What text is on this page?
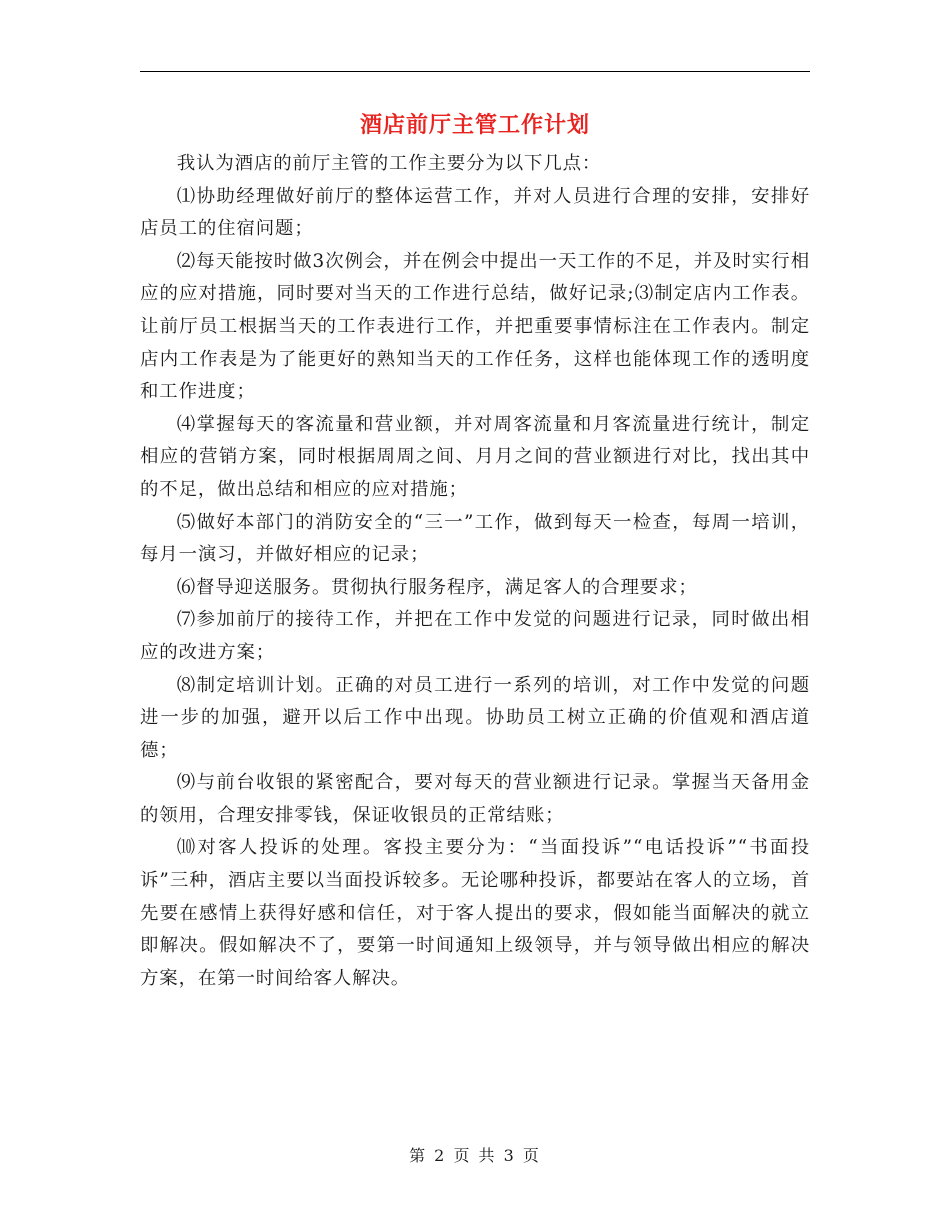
酒店前厅主管工作计划

我认为酒店的前厅主管的工作主要分为以下几点：

⑴协助经理做好前厅的整体运营工作，并对人员进行合理的安排，安排好店员工的住宿问题；

⑵每天能按时做3次例会，并在例会中提出一天工作的不足，并及时实行相应的应对措施，同时要对当天的工作进行总结，做好记录;⑶制定店内工作表。让前厅员工根据当天的工作表进行工作，并把重要事情标注在工作表内。制定店内工作表是为了能更好的熟知当天的工作任务，这样也能体现工作的透明度和工作进度；

⑷掌握每天的客流量和营业额，并对周客流量和月客流量进行统计，制定相应的营销方案，同时根据周周之间、月月之间的营业额进行对比，找出其中的不足，做出总结和相应的应对措施；

⑸做好本部门的消防安全的“三一”工作，做到每天一检查，每周一培训，每月一演习，并做好相应的记录；

⑹督导迎送服务。贯彻执行服务程序，满足客人的合理要求；

⑺参加前厅的接待工作，并把在工作中发觉的问题进行记录，同时做出相应的改进方案；

⑻制定培训计划。正确的对员工进行一系列的培训，对工作中发觉的问题进一步的加强，避开以后工作中出现。协助员工树立正确的价值观和酒店道德；

⑼与前台收银的紧密配合，要对每天的营业额进行记录。掌握当天备用金的领用，合理安排零钱，保证收银员的正常结账；

⑽对客人投诉的处理。客投主要分为：“当面投诉”“电话投诉”“书面投诉”三种，酒店主要以当面投诉较多。无论哪种投诉，都要站在客人的立场，首先要在感情上获得好感和信任，对于客人提出的要求，假如能当面解决的就立即解决。假如解决不了，要第一时间通知上级领导，并与领导做出相应的解决方案，在第一时间给客人解决。

第 2 页 共 3 页
